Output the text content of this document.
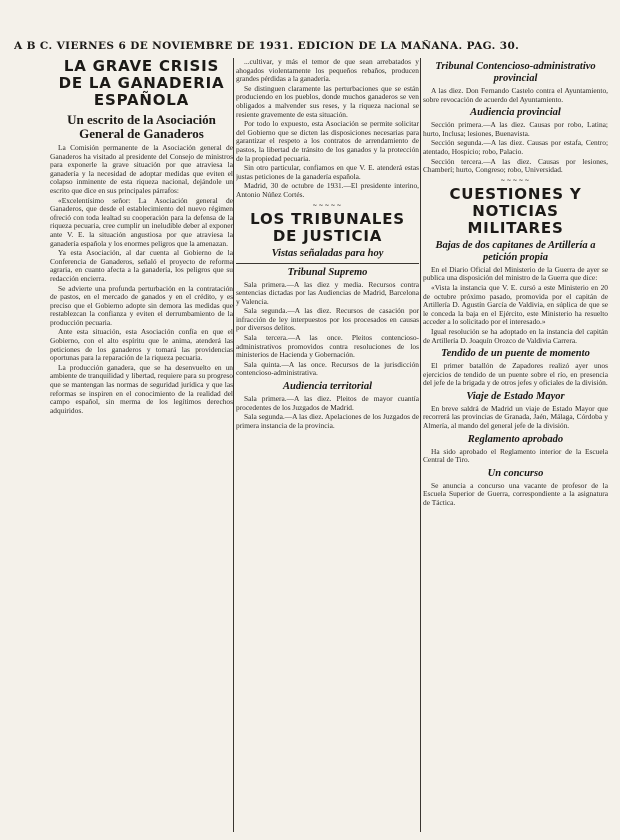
A B C. VIERNES 6 DE NOVIEMBRE DE 1931. EDICION DE LA MAÑANA. PAG. 30.
LA GRAVE CRISIS DE LA GANADERIA ESPAÑOLA
Un escrito de la Asociación General de Ganaderos

La Comisión permanente de la Asociación general de Ganaderos ha visitado al presidente del Consejo de ministros para exponerle la grave situación por que atraviesa la ganadería y la necesidad de adoptar medidas que eviten el colapso inminente de esta riqueza nacional, dejándole un escrito que dice en sus principales párrafos:

«Excelentísimo señor: La Asociación general de Ganaderos, que desde el establecimiento del nuevo régimen ofreció con toda lealtad su cooperación para la defensa de la riqueza pecuaria, cree cumplir un ineludible deber al exponer ante V. E. la situación angustiosa por que atraviesa la ganadería española y los enormes peligros que la amenazan.

Ya esta Asociación, al dar cuenta al Gobierno de la Conferencia de Ganaderos, señaló el proyecto de reforma agraria, en cuanto afecta a la ganadería, los peligros que su redacción encierra.

Se advierte una profunda perturbación en la contratación de pastos, en el mercado de ganados y en el crédito, y es preciso que el Gobierno adopte sin demora las medidas que restablezcan la confianza y eviten el derrumbamiento de la producción pecuaria.

Ante esta situación, esta Asociación confía en que el Gobierno, con el alto espíritu que le anima, atenderá las peticiones de los ganaderos y tomará las providencias oportunas para la reparación de la riqueza pecuaria.

La producción ganadera, que se ha desenvuelto en un ambiente de tranquilidad y libertad, requiere para su progreso que se mantengan las normas de seguridad jurídica y que las reformas se inspiren en el conocimiento de la realidad del campo español, sin merma de los legítimos derechos adquiridos.

...cultivar, y más el temor de que sean arrebatados y ahogados violentamente los pequeños rebaños, producen grandes pérdidas a la ganadería.

Se distinguen claramente las perturbaciones que se están produciendo en los pueblos, donde muchos ganaderos se ven obligados a malvender sus reses, y la riqueza nacional se resiente gravemente de esta situación.

Por todo lo expuesto, esta Asociación se permite solicitar del Gobierno que se dicten las disposiciones necesarias para garantizar el respeto a los contratos de arrendamiento de pastos, la libertad de tránsito de los ganados y la protección de la propiedad pecuaria.

Sin otro particular, confiamos en que V. E. atenderá estas justas peticiones de la ganadería española.

Madrid, 30 de octubre de 1931.—El presidente interino, Antonio Núñez Cortés.

~~~~~
LOS TRIBUNALES DE JUSTICIA
Vistas señaladas para hoy
Tribunal Supremo

Sala primera.—A las diez y media. Recursos contra sentencias dictadas por las Audiencias de Madrid, Barcelona y Valencia.

Sala segunda.—A las diez. Recursos de casación por infracción de ley interpuestos por los procesados en causas por diversos delitos.

Sala tercera.—A las once. Pleitos contencioso-administrativos promovidos contra resoluciones de los ministerios de Hacienda y Gobernación.

Sala quinta.—A las once. Recursos de la jurisdicción contencioso-administrativa.

Audiencia territorial

Sala primera.—A las diez. Pleitos de mayor cuantía procedentes de los Juzgados de Madrid.

Sala segunda.—A las diez. Apelaciones de los Juzgados de primera instancia de la provincia.

Tribunal Contencioso-administrativo provincial

A las diez. Don Fernando Castelo contra el Ayuntamiento, sobre revocación de acuerdo del Ayuntamiento.

Audiencia provincial

Sección primera.—A las diez. Causas por robo, Latina; hurto, Inclusa; lesiones, Buenavista.

Sección segunda.—A las diez. Causas por estafa, Centro; atentado, Hospicio; robo, Palacio.

Sección tercera.—A las diez. Causas por lesiones, Chamberí; hurto, Congreso; robo, Universidad.

~~~~~
CUESTIONES Y NOTICIAS MILITARES
Bajas de dos capitanes de Artillería a petición propia

En el Diario Oficial del Ministerio de la Guerra de ayer se publica una disposición del ministro de la Guerra que dice:

«Vista la instancia que V. E. cursó a este Ministerio en 20 de octubre próximo pasado, promovida por el capitán de Artillería D. Agustín García de Valdivia, en súplica de que se le conceda la baja en el Ejército, este Ministerio ha resuelto acceder a lo solicitado por el interesado.»

Igual resolución se ha adoptado en la instancia del capitán de Artillería D. Joaquín Orozco de Valdivia Carrera.

Tendido de un puente de momento

El primer batallón de Zapadores realizó ayer unos ejercicios de tendido de un puente sobre el río, en presencia del jefe de la brigada y de otros jefes y oficiales de la división.

Viaje de Estado Mayor

En breve saldrá de Madrid un viaje de Estado Mayor que recorrerá las provincias de Granada, Jaén, Málaga, Córdoba y Almería, al mando del general jefe de la división.

Reglamento aprobado

Ha sido aprobado el Reglamento interior de la Escuela Central de Tiro.

Un concurso

Se anuncia a concurso una vacante de profesor de la Escuela Superior de Guerra, correspondiente a la asignatura de Táctica.
